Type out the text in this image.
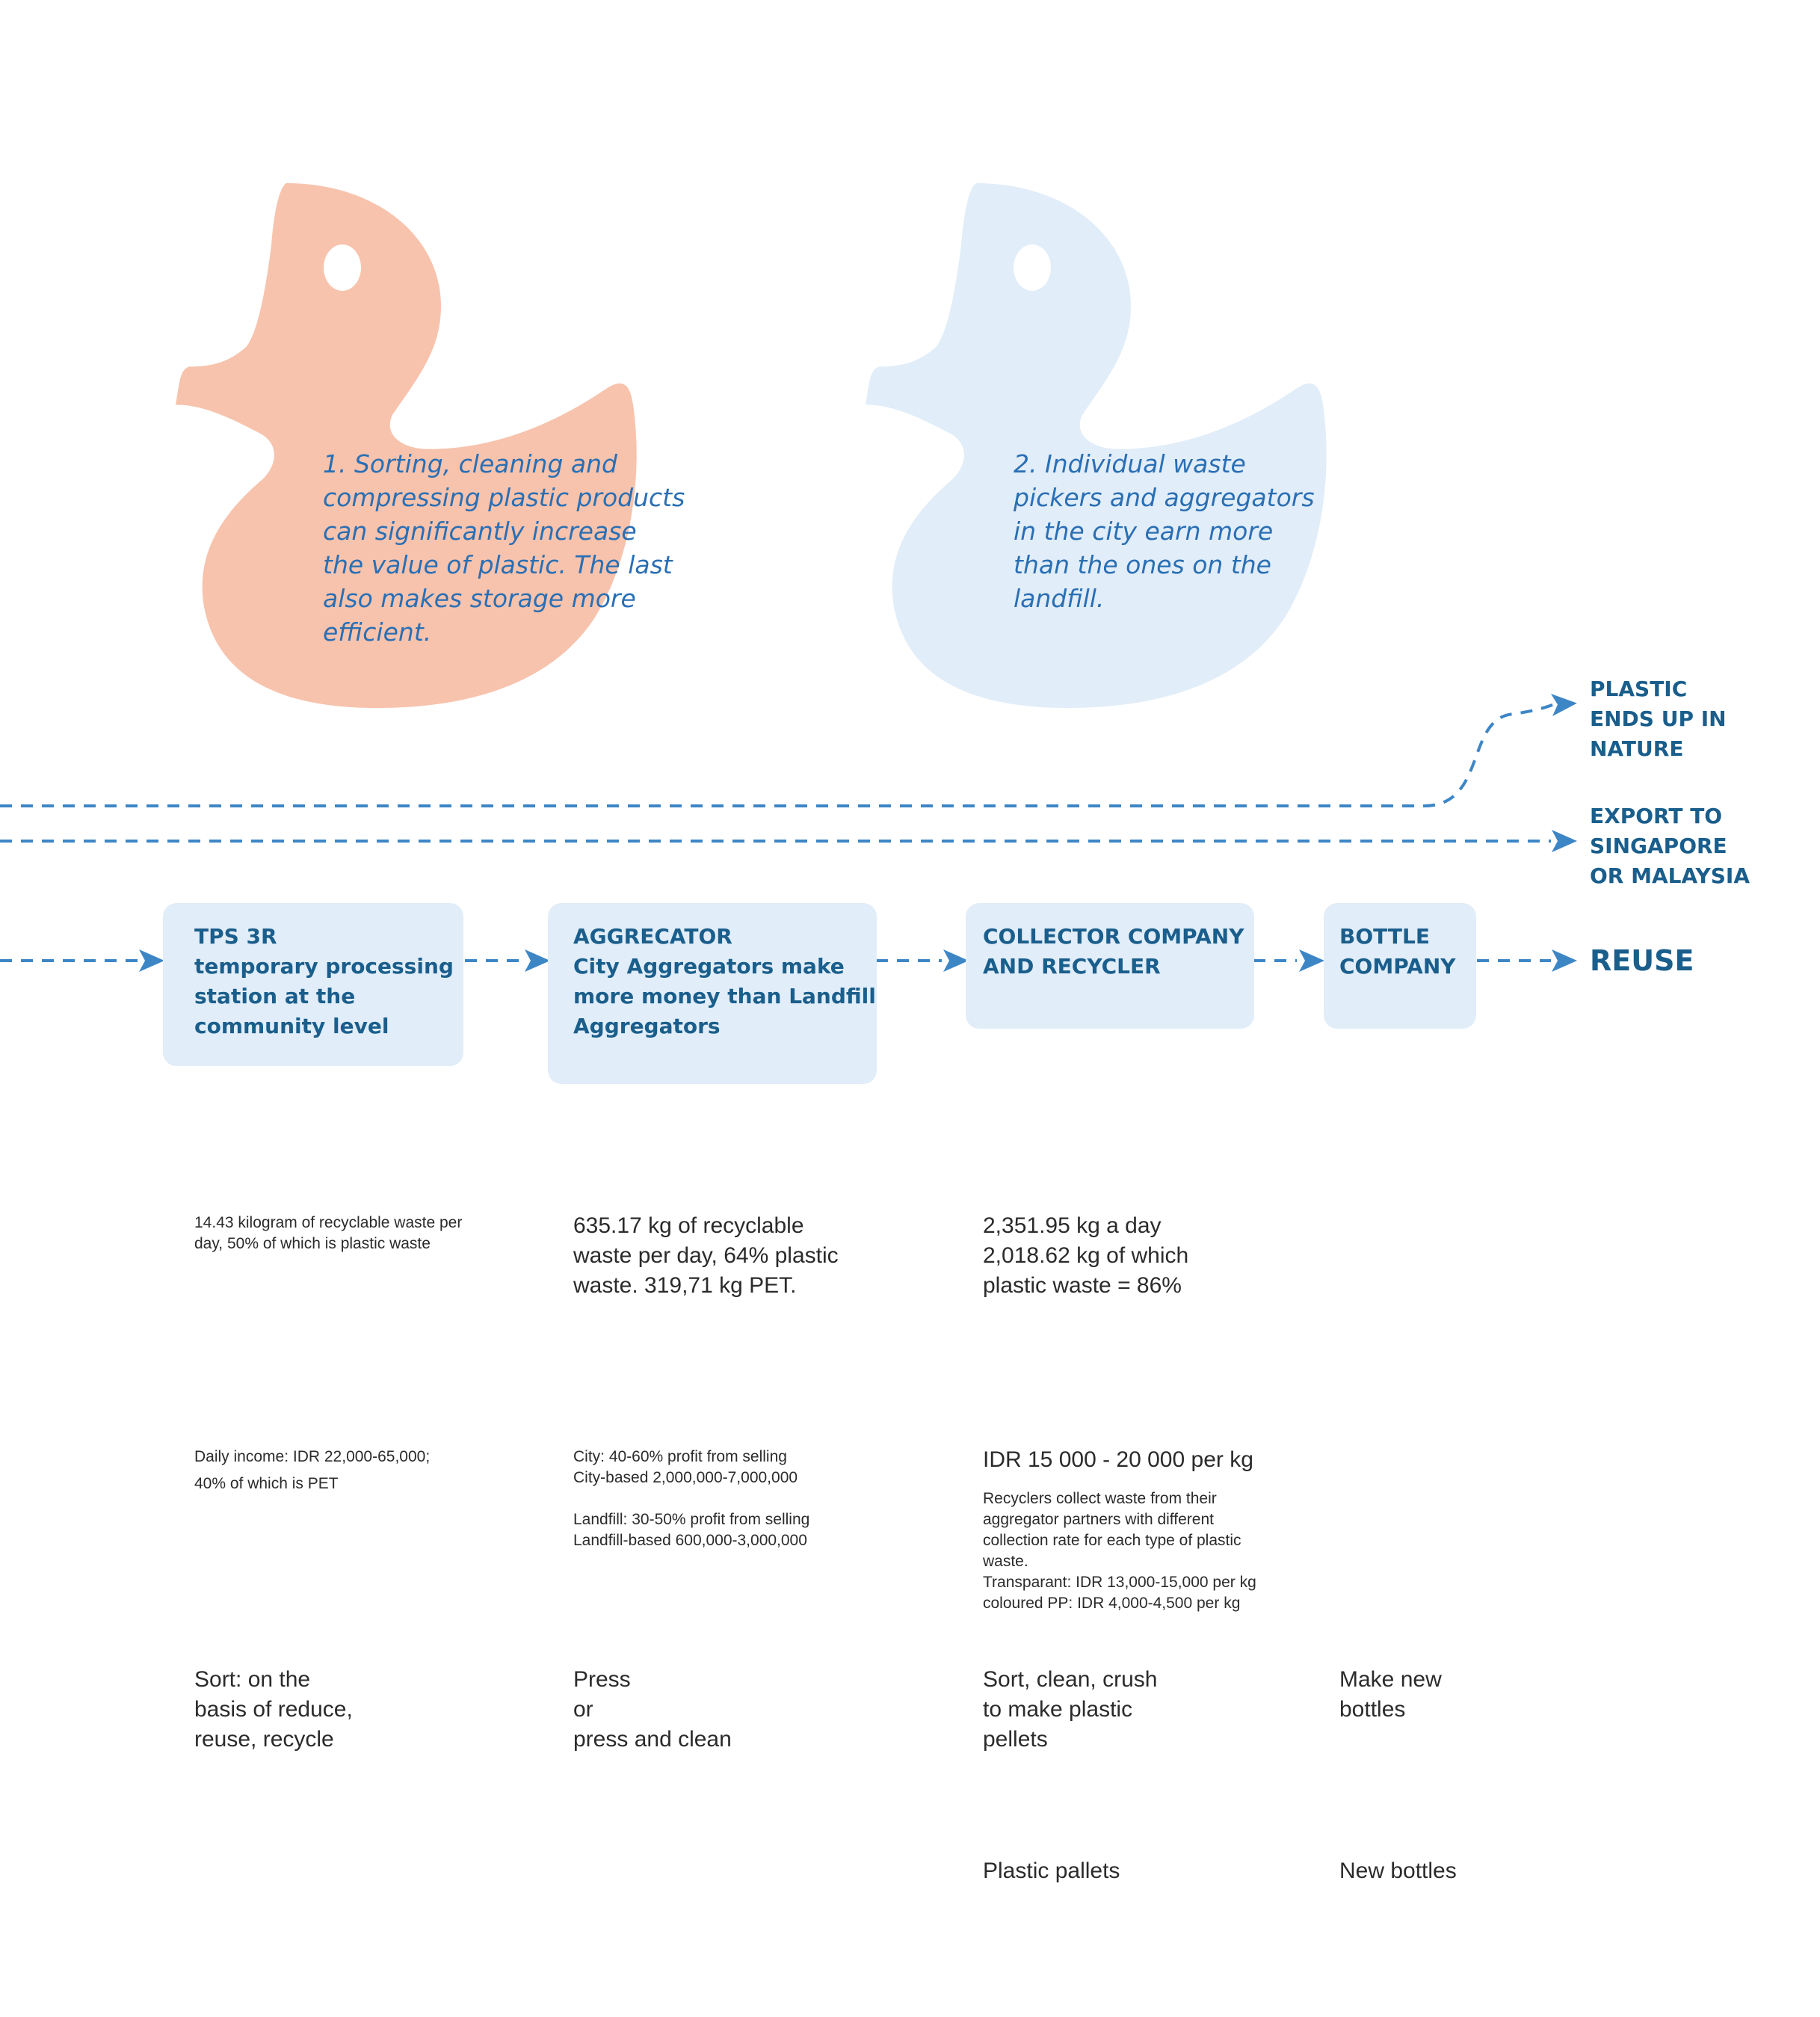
1. Sorting, cleaning and
compressing plastic products
can significantly increase
the value of plastic. The last
also makes storage more
efficient.
2. Individual waste
pickers and aggregators
in the city earn more
than the ones on the
landfill.
PLASTIC
ENDS UP IN
NATURE
EXPORT TO
SINGAPORE
OR MALAYSIA
REUSE
TPS 3R
temporary processing
station at the
community level
AGGRECATOR
City Aggregators make
more money than Landfill
Aggregators
COLLECTOR COMPANY
AND RECYCLER
BOTTLE
COMPANY
14.43 kilogram of recyclable waste per
day, 50% of which is plastic waste
Daily income: IDR 22,000-65,000;
40% of which is PET
Sort: on the
basis of reduce,
reuse, recycle
635.17 kg of recyclable
waste per day, 64% plastic
waste. 319,71 kg PET.
City: 40-60% profit from selling
City-based 2,000,000-7,000,000
Landfill: 30-50% profit from selling
Landfill-based 600,000-3,000,000
Press
or
press and clean
2,351.95 kg a day
2,018.62 kg of which
plastic waste = 86%
IDR 15 000 - 20 000 per kg
Recyclers collect waste from their
aggregator partners with different
collection rate for each type of plastic
waste.
Transparant: IDR 13,000-15,000 per kg
coloured PP: IDR 4,000-4,500 per kg
Sort, clean, crush
to make plastic
pellets
Plastic pallets
Make new
bottles
New bottles
